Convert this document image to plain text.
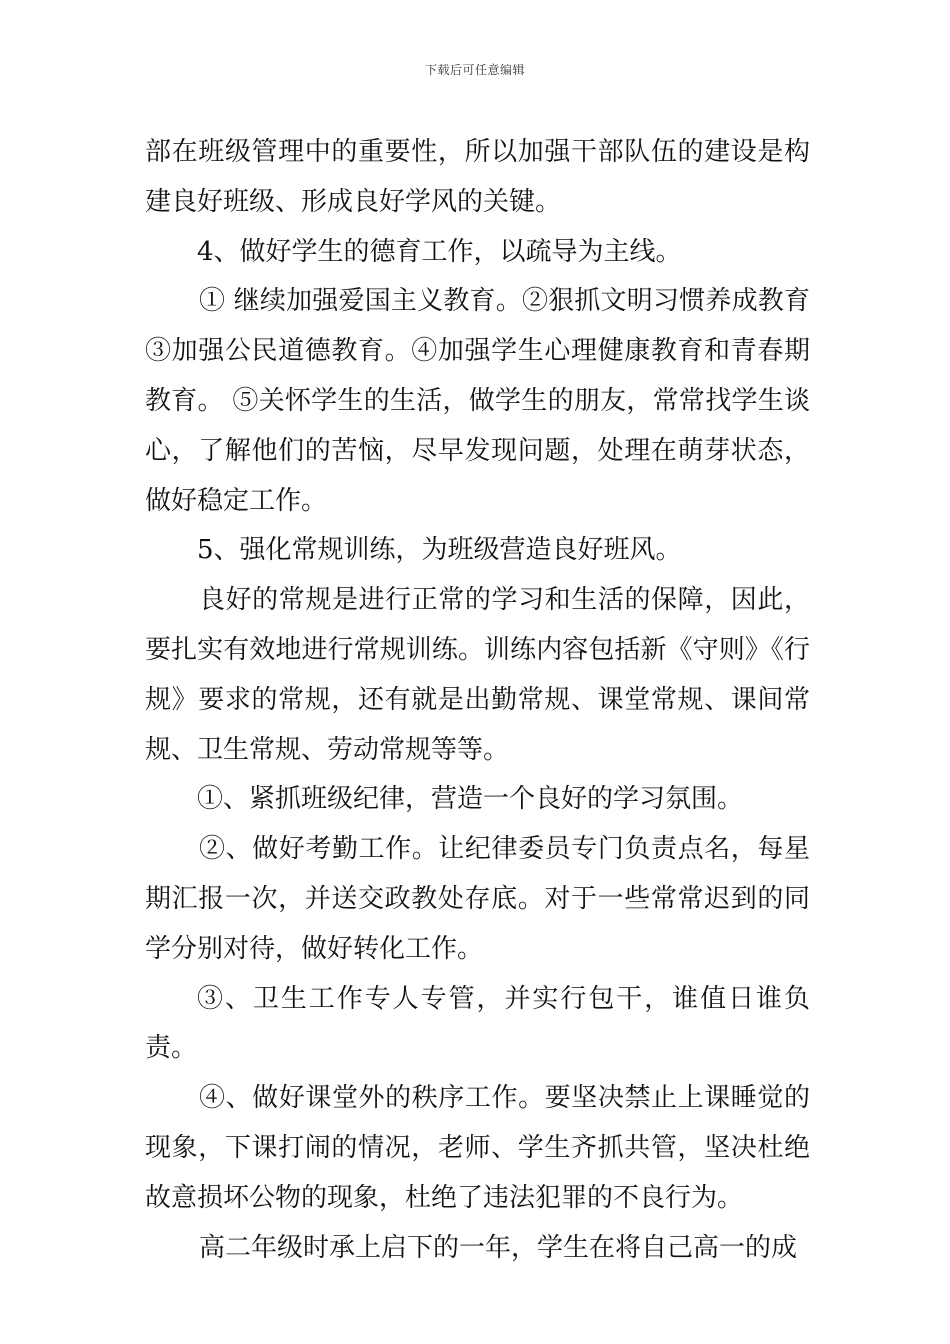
下载后可任意编辑

部在班级管理中的重要性，所以加强干部队伍的建设是构建良好班级、形成良好学风的关键。

4、做好学生的德育工作，以疏导为主线。

① 继续加强爱国主义教育。②狠抓文明习惯养成教育③加强公民道德教育。④加强学生心理健康教育和青春期教育。 ⑤关怀学生的生活，做学生的朋友，常常找学生谈心，了解他们的苦恼，尽早发现问题，处理在萌芽状态，做好稳定工作。

5、强化常规训练，为班级营造良好班风。

良好的常规是进行正常的学习和生活的保障，因此，要扎实有效地进行常规训练。训练内容包括新《守则》《行规》要求的常规，还有就是出勤常规、课堂常规、课间常规、卫生常规、劳动常规等等。

①、紧抓班级纪律，营造一个良好的学习氛围。

②、做好考勤工作。让纪律委员专门负责点名，每星期汇报一次，并送交政教处存底。对于一些常常迟到的同学分别对待，做好转化工作。

③、卫生工作专人专管，并实行包干，谁值日谁负责。

④、做好课堂外的秩序工作。要坚决禁止上课睡觉的现象，下课打闹的情况，老师、学生齐抓共管，坚决杜绝故意损坏公物的现象，杜绝了违法犯罪的不良行为。

高二年级时承上启下的一年，学生在将自己高一的成
